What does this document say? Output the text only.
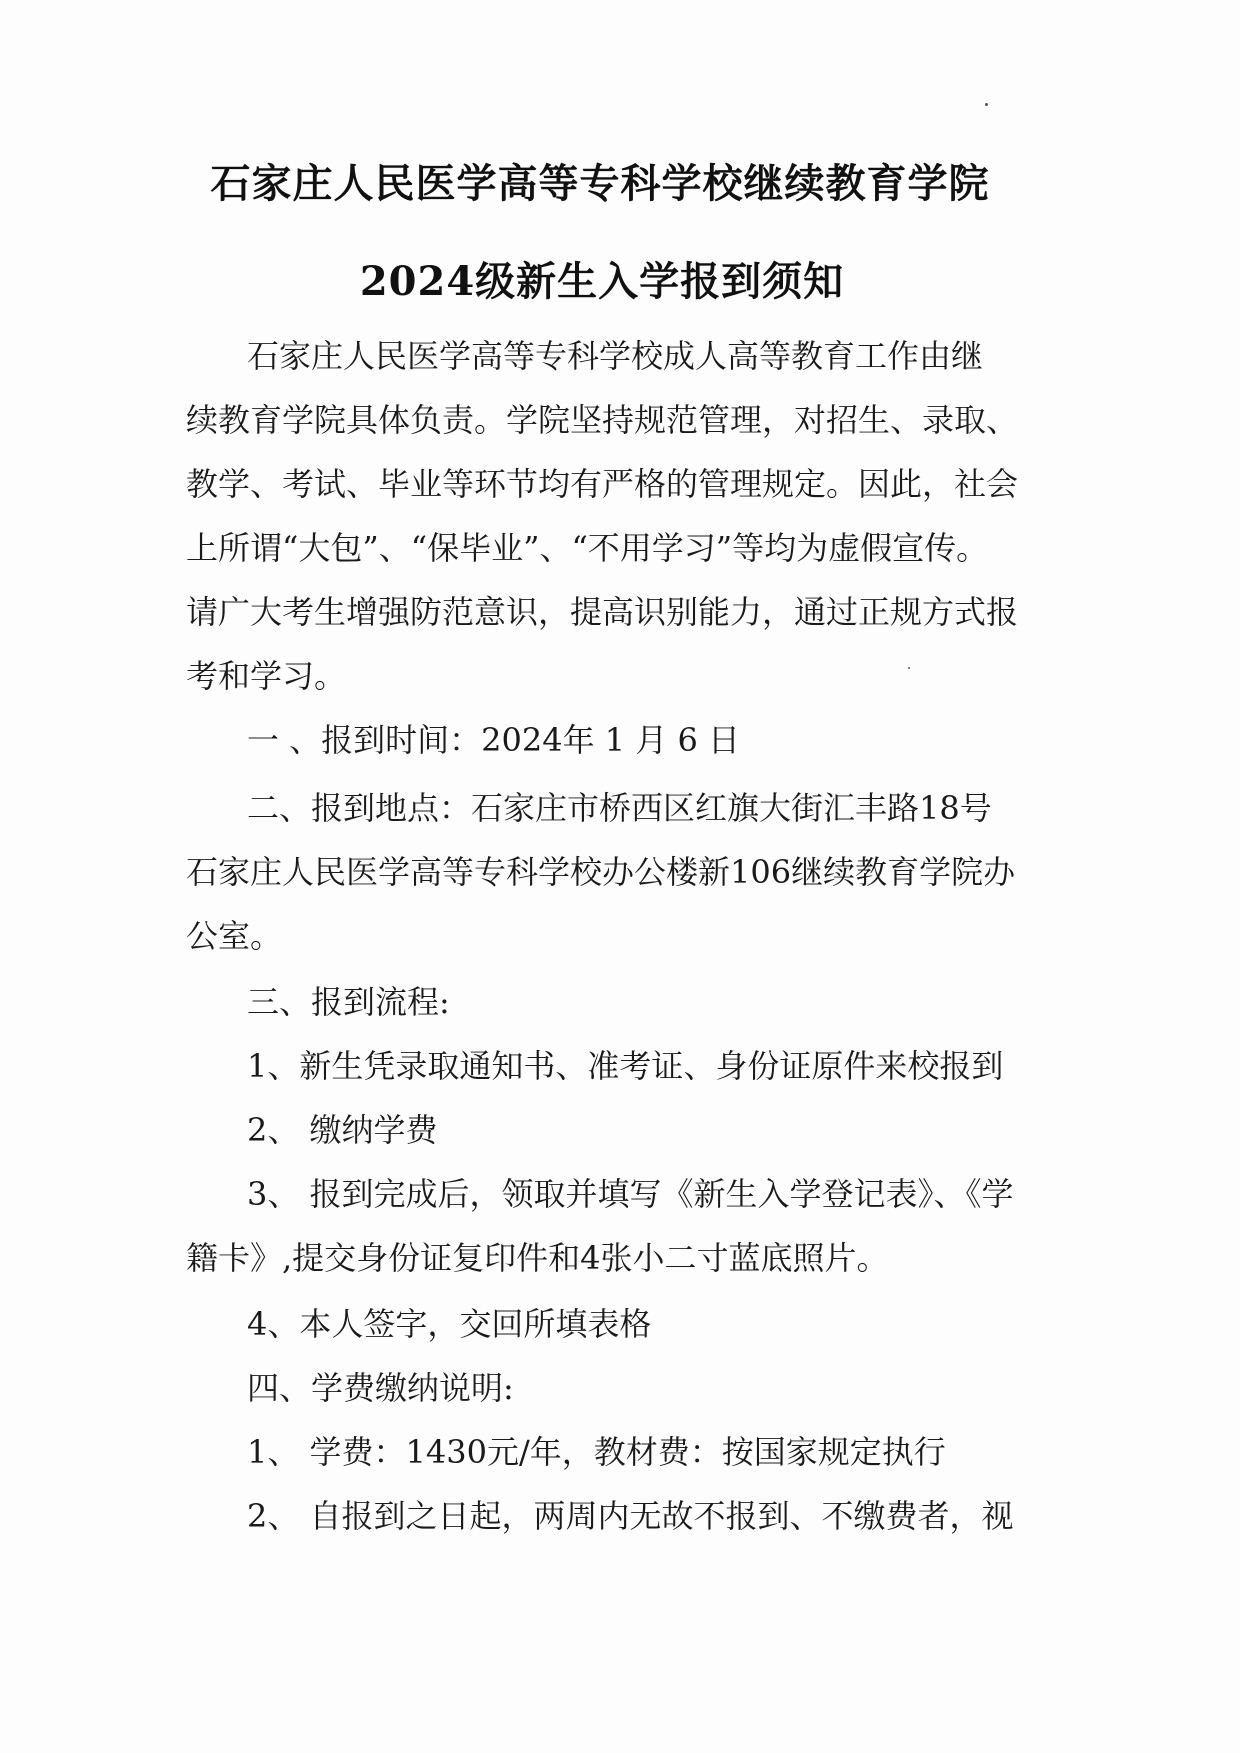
石家庄人民医学高等专科学校继续教育学院
2024级新生入学报到须知
石家庄人民医学高等专科学校成人高等教育工作由继
续教育学院具体负责。学院坚持规范管理，对招生、录取、
教学、考试、毕业等环节均有严格的管理规定。因此，社会
上所谓“大包”、“保毕业”、“不用学习”等均为虚假宣传。
请广大考生增强防范意识，提高识别能力，通过正规方式报
考和学习。
一 、报到时间：2024年 1 月 6 日
二、报到地点：石家庄市桥西区红旗大街汇丰路18号
石家庄人民医学高等专科学校办公楼新106继续教育学院办
公室。
三、报到流程:
1、新生凭录取通知书、准考证、身份证原件来校报到
2、 缴纳学费
3、 报到完成后，领取并填写《新生入学登记表》、《学
籍卡》,提交身份证复印件和4张小二寸蓝底照片。
4、本人签字，交回所填表格
四、学费缴纳说明:
1、 学费：1430元/年，教材费：按国家规定执行
2、 自报到之日起，两周内无故不报到、不缴费者，视
